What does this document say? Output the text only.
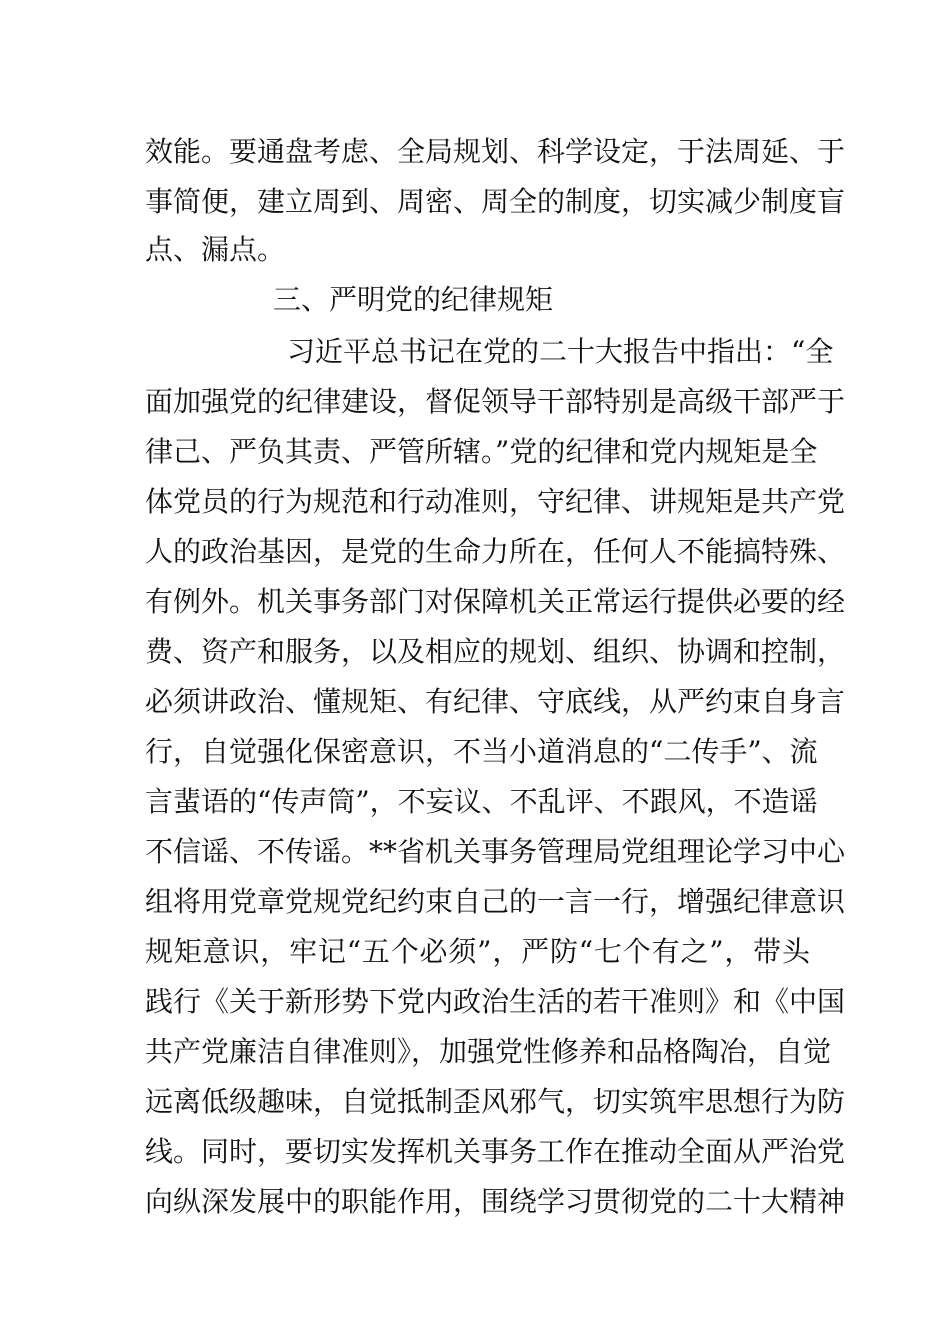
效能。要通盘考虑、全局规划、科学设定，于法周延、于
事简便，建立周到、周密、周全的制度，切实减少制度盲
点、漏点。
三、严明党的纪律规矩
习近平总书记在党的二十大报告中指出：“全
面加强党的纪律建设，督促领导干部特别是高级干部严于
律己、严负其责、严管所辖。”党的纪律和党内规矩是全
体党员的行为规范和行动准则，守纪律、讲规矩是共产党
人的政治基因，是党的生命力所在，任何人不能搞特殊、
有例外。机关事务部门对保障机关正常运行提供必要的经
费、资产和服务，以及相应的规划、组织、协调和控制，
必须讲政治、懂规矩、有纪律、守底线，从严约束自身言
行，自觉强化保密意识，不当小道消息的“二传手”、流
言蜚语的“传声筒”，不妄议、不乱评、不跟风，不造谣
不信谣、不传谣。**省机关事务管理局党组理论学习中心
组将用党章党规党纪约束自己的一言一行，增强纪律意识
规矩意识，牢记“五个必须”，严防“七个有之”，带头
践行《关于新形势下党内政治生活的若干准则》和《中国
共产党廉洁自律准则》，加强党性修养和品格陶冶，自觉
远离低级趣味，自觉抵制歪风邪气，切实筑牢思想行为防
线。同时，要切实发挥机关事务工作在推动全面从严治党
向纵深发展中的职能作用，围绕学习贯彻党的二十大精神
